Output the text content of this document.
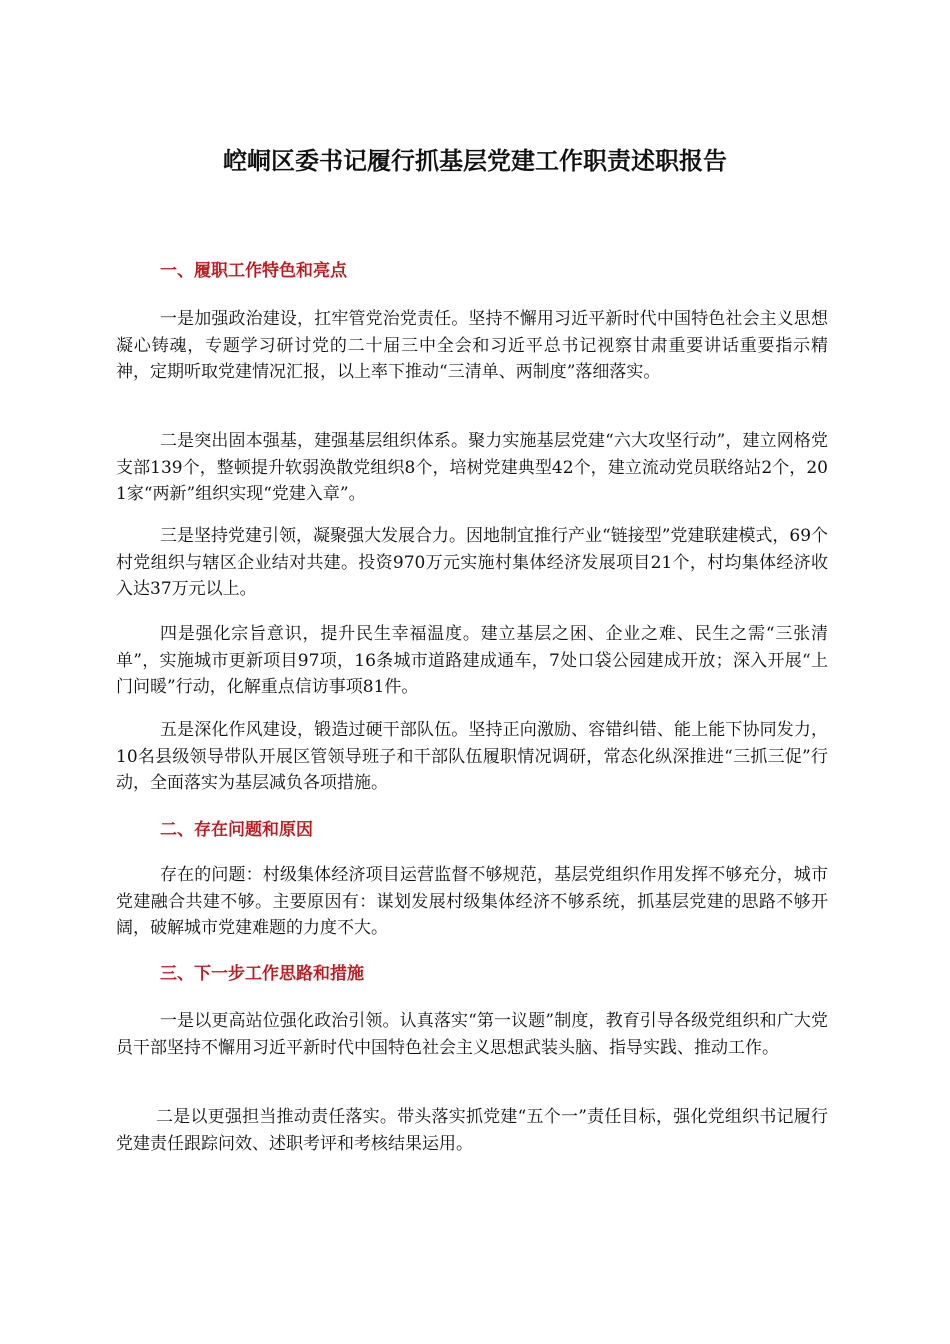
崆峒区委书记履行抓基层党建工作职责述职报告
一、履职工作特色和亮点

一是加强政治建设，扛牢管党治党责任。坚持不懈用习近平新时代中国特色社会主义思想凝心铸魂，专题学习研讨党的二十届三中全会和习近平总书记视察甘肃重要讲话重要指示精神，定期听取党建情况汇报，以上率下推动“三清单、两制度”落细落实。

二是突出固本强基，建强基层组织体系。聚力实施基层党建“六大攻坚行动”，建立网格党支部139个，整顿提升软弱涣散党组织8个，培树党建典型42个，建立流动党员联络站2个，201家“两新”组织实现“党建入章”。

三是坚持党建引领，凝聚强大发展合力。因地制宜推行产业“链接型”党建联建模式，69个村党组织与辖区企业结对共建。投资970万元实施村集体经济发展项目21个，村均集体经济收入达37万元以上。

四是强化宗旨意识，提升民生幸福温度。建立基层之困、企业之难、民生之需“三张清单”，实施城市更新项目97项，16条城市道路建成通车，7处口袋公园建成开放；深入开展“上门问暖”行动，化解重点信访事项81件。

五是深化作风建设，锻造过硬干部队伍。坚持正向激励、容错纠错、能上能下协同发力，10名县级领导带队开展区管领导班子和干部队伍履职情况调研，常态化纵深推进“三抓三促”行动，全面落实为基层减负各项措施。

二、存在问题和原因

存在的问题：村级集体经济项目运营监督不够规范，基层党组织作用发挥不够充分，城市党建融合共建不够。主要原因有：谋划发展村级集体经济不够系统，抓基层党建的思路不够开阔，破解城市党建难题的力度不大。

三、下一步工作思路和措施

一是以更高站位强化政治引领。认真落实“第一议题”制度，教育引导各级党组织和广大党员干部坚持不懈用习近平新时代中国特色社会主义思想武装头脑、指导实践、推动工作。

二是以更强担当推动责任落实。带头落实抓党建“五个一”责任目标，强化党组织书记履行党建责任跟踪问效、述职考评和考核结果运用。
